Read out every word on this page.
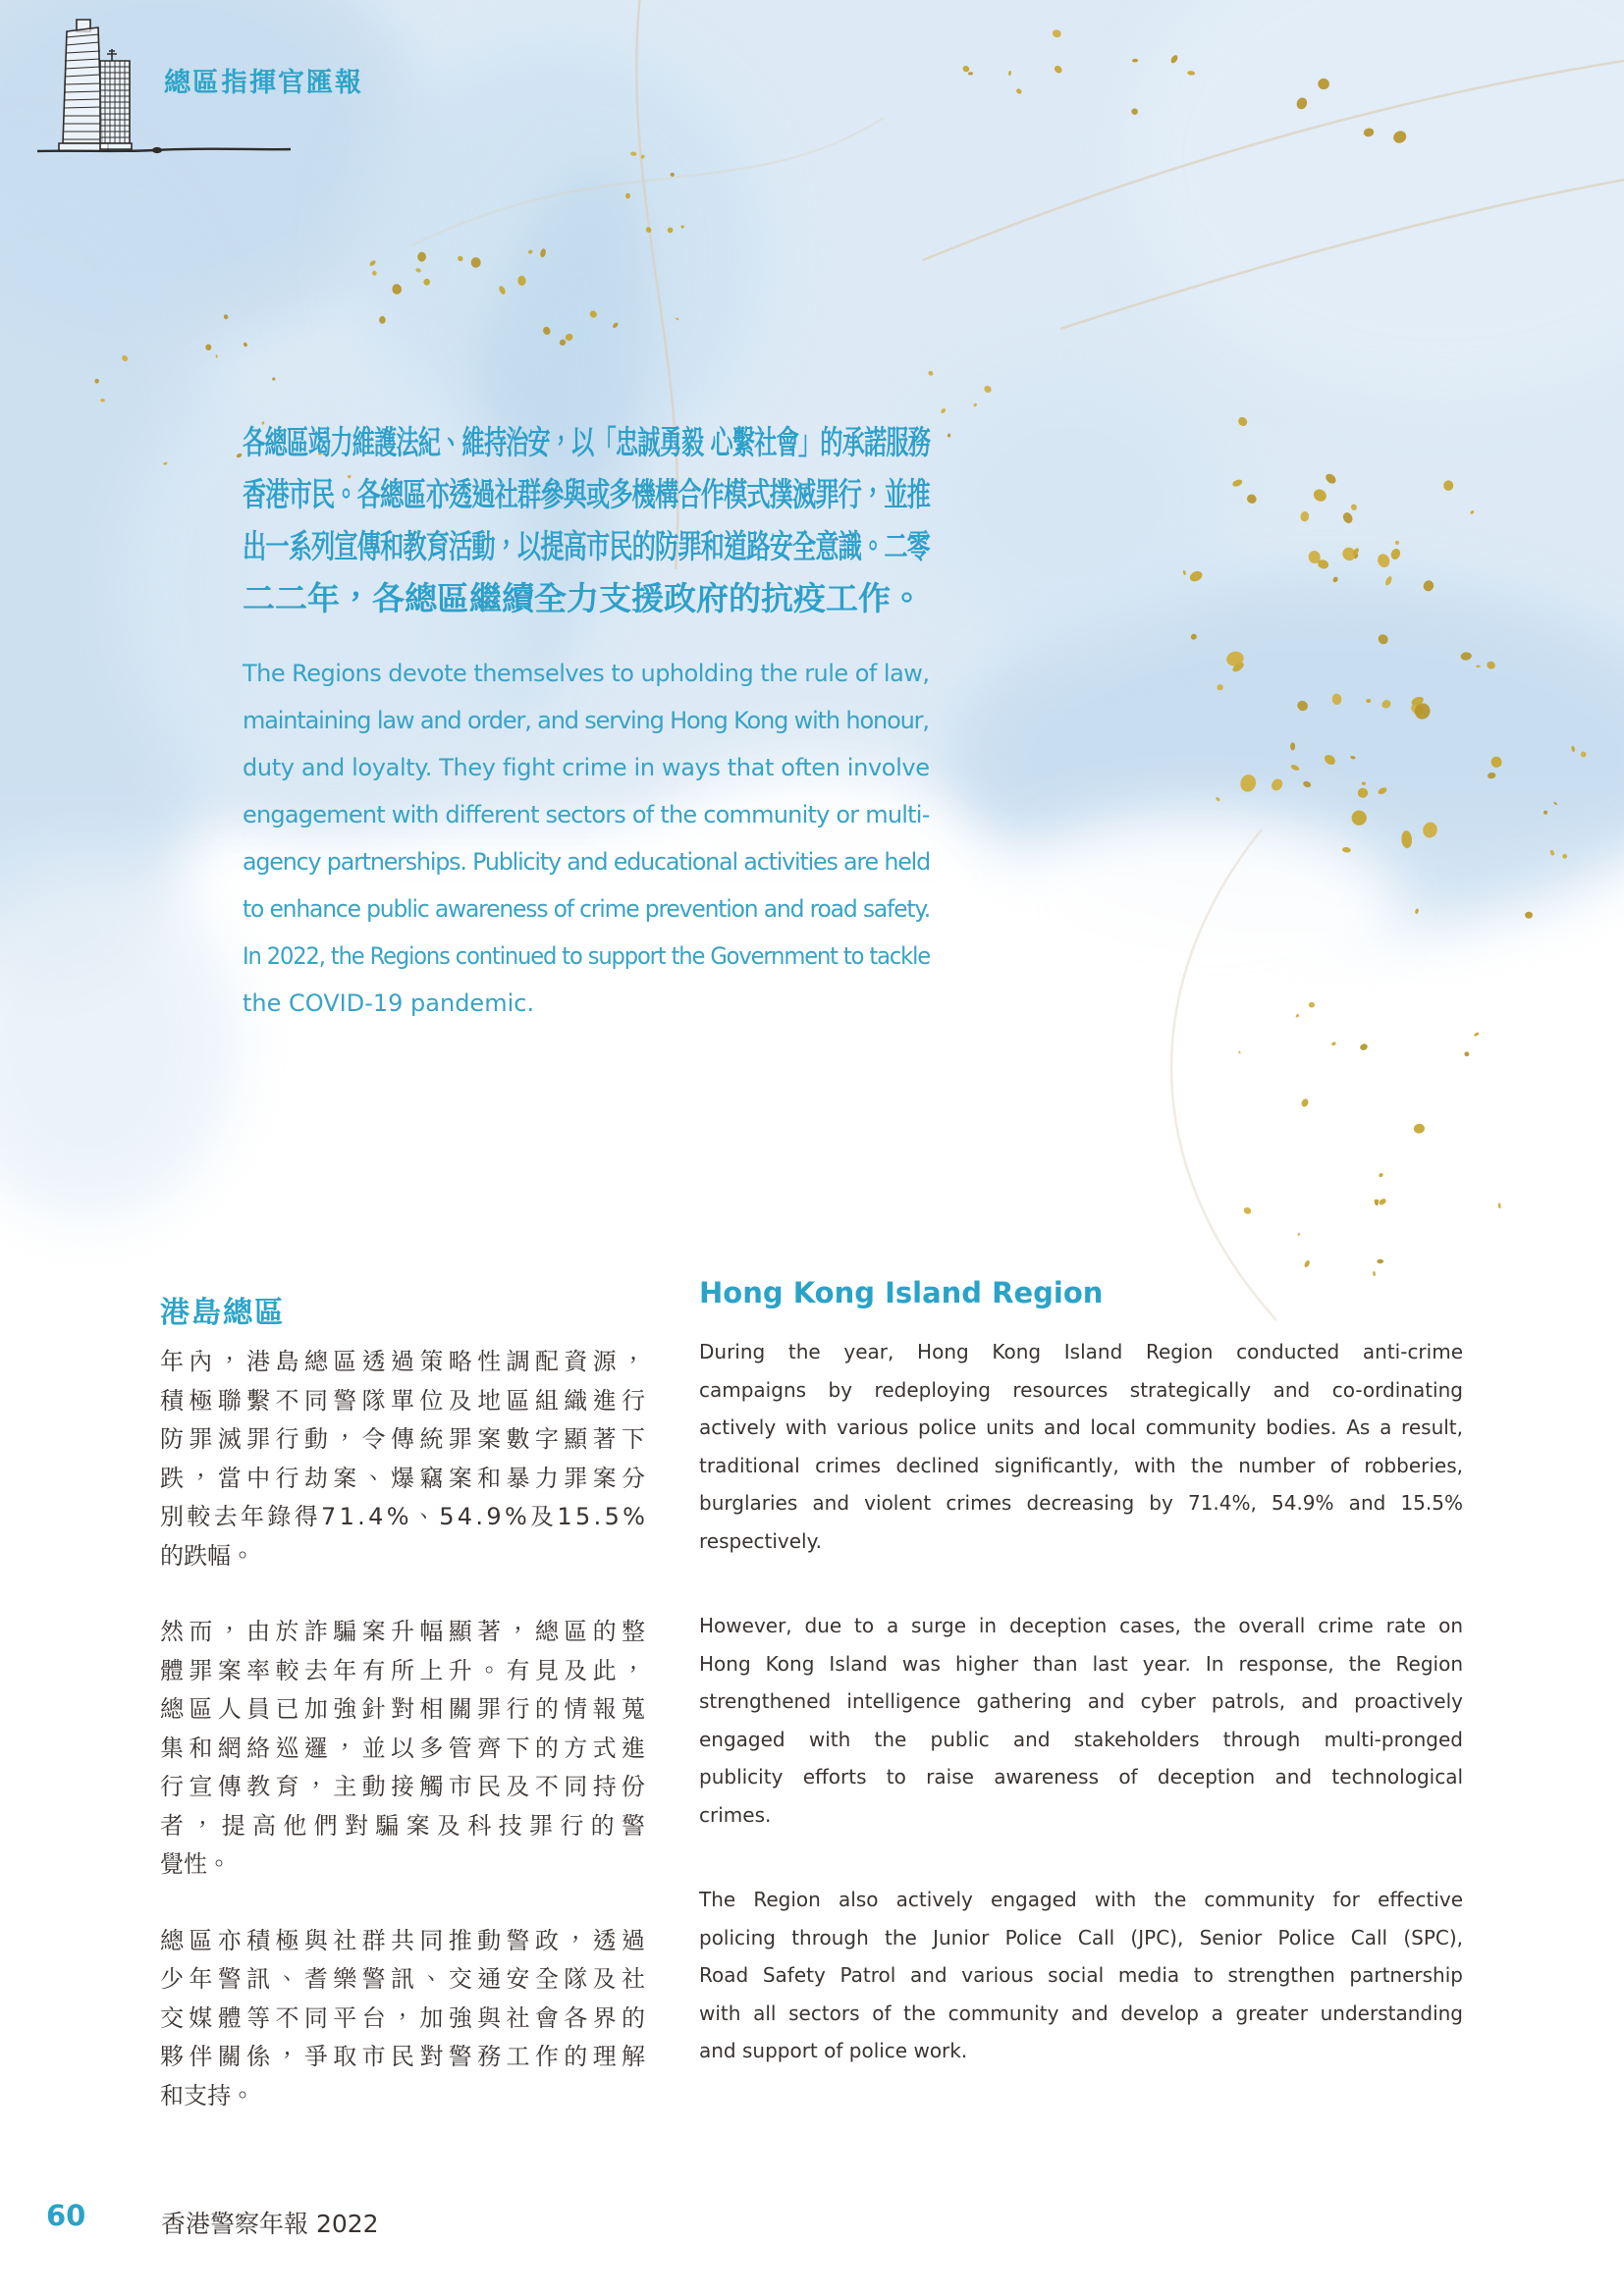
總區指揮官匯報
各總區竭力維護法紀、維持治安，以「忠誠勇毅 心繫社會」的承諾服務
香港市民。各總區亦透過社群參與或多機構合作模式撲滅罪行，並推
出一系列宣傳和教育活動，以提高市民的防罪和道路安全意識。二零
二二年，各總區繼續全力支援政府的抗疫工作。
The Regions devote themselves to upholding the rule of law,
maintaining law and order, and serving Hong Kong with honour,
duty and loyalty. They fight crime in ways that often involve
engagement with different sectors of the community or multi-
agency partnerships. Publicity and educational activities are held
to enhance public awareness of crime prevention and road safety.
In 2022, the Regions continued to support the Government to tackle
the COVID-19 pandemic.
港島總區
年內，港島總區透過策略性調配資源，
積極聯繫不同警隊單位及地區組織進行
防罪滅罪行動，令傳統罪案數字顯著下
跌，當中行劫案、爆竊案和暴力罪案分
別較去年錄得71.4%、54.9%及15.5%
的跌幅。
然而，由於詐騙案升幅顯著，總區的整
體罪案率較去年有所上升。有見及此，
總區人員已加強針對相關罪行的情報蒐
集和網絡巡邏，並以多管齊下的方式進
行宣傳教育，主動接觸市民及不同持份
者，提高他們對騙案及科技罪行的警
覺性。
總區亦積極與社群共同推動警政，透過
少年警訊、耆樂警訊、交通安全隊及社
交媒體等不同平台，加強與社會各界的
夥伴關係，爭取市民對警務工作的理解
和支持。
Hong Kong Island Region
During the year, Hong Kong Island Region conducted anti-crime
campaigns by redeploying resources strategically and co-ordinating
actively with various police units and local community bodies. As a result,
traditional crimes declined significantly, with the number of robberies,
burglaries and violent crimes decreasing by 71.4%, 54.9% and 15.5%
respectively.
However, due to a surge in deception cases, the overall crime rate on
Hong Kong Island was higher than last year. In response, the Region
strengthened intelligence gathering and cyber patrols, and proactively
engaged with the public and stakeholders through multi-pronged
publicity efforts to raise awareness of deception and technological
crimes.
The Region also actively engaged with the community for effective
policing through the Junior Police Call (JPC), Senior Police Call (SPC),
Road Safety Patrol and various social media to strengthen partnership
with all sectors of the community and develop a greater understanding
and support of police work.
60	香港警察年報 2022
